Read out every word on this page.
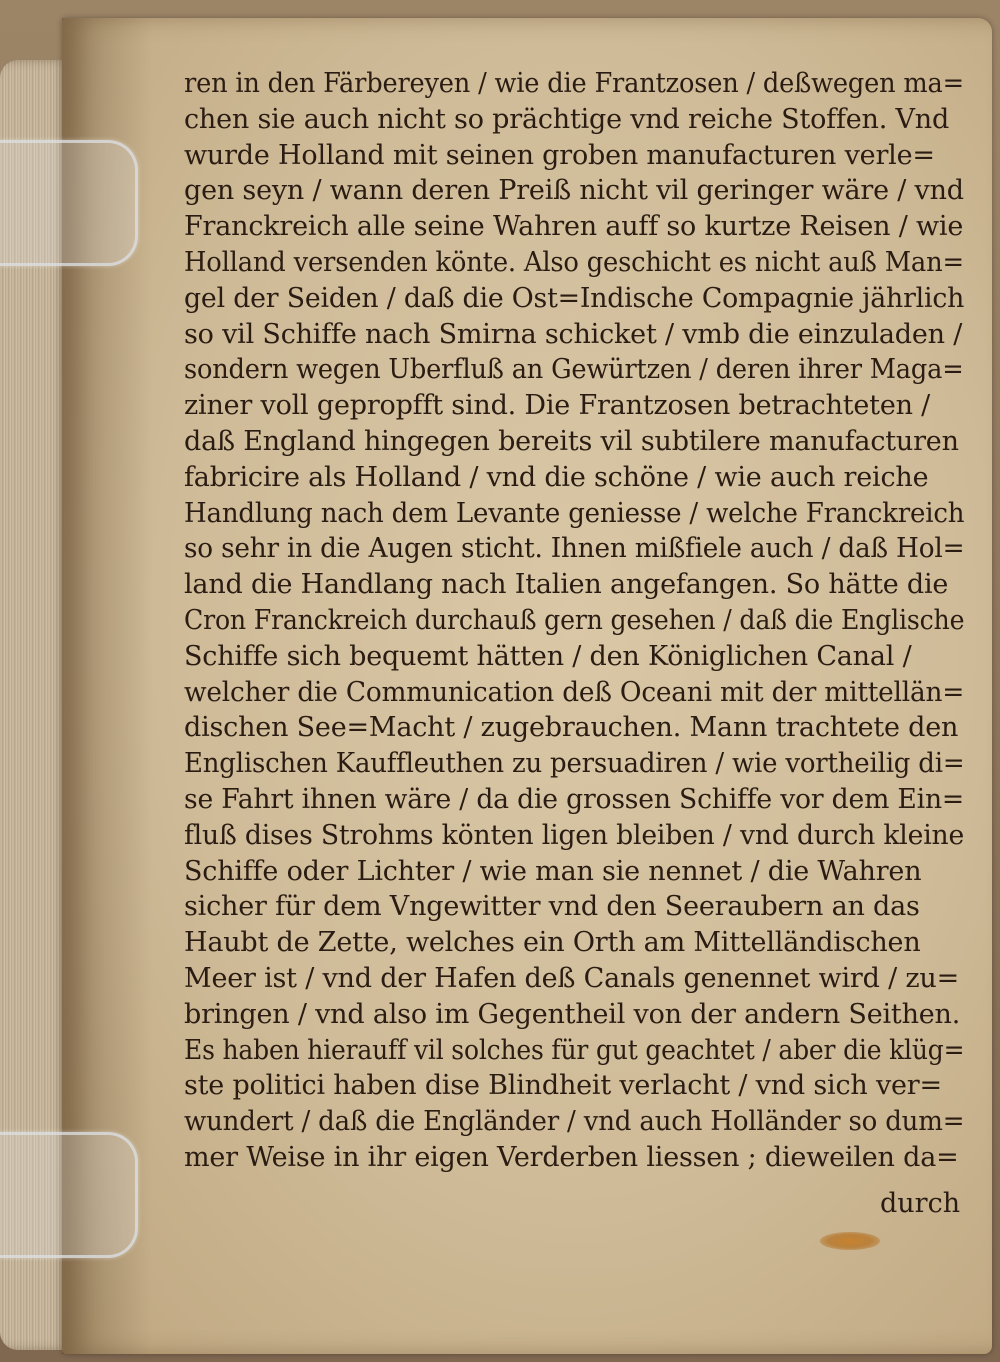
ren in den Färbereyen / wie die Frantzosen / deßwegen ma=
chen sie auch nicht so prächtige vnd reiche Stoffen. Vnd
wurde Holland mit seinen groben manufacturen verle=
gen seyn / wann deren Preiß nicht vil geringer wäre / vnd
Franckreich alle seine Wahren auff so kurtze Reisen / wie
Holland versenden könte. Also geschicht es nicht auß Man=
gel der Seiden / daß die Ost=Indische Compagnie jährlich
so vil Schiffe nach Smirna schicket / vmb die einzuladen /
sondern wegen Uberfluß an Gewürtzen / deren ihrer Maga=
ziner voll gepropfft sind. Die Frantzosen betrachteten /
daß England hingegen bereits vil subtilere manufacturen
fabricire als Holland / vnd die schöne / wie auch reiche
Handlung nach dem Levante geniesse / welche Franckreich
so sehr in die Augen sticht. Ihnen mißfiele auch / daß Hol=
land die Handlang nach Italien angefangen. So hätte die
Cron Franckreich durchauß gern gesehen / daß die Englische
Schiffe sich bequemt hätten / den Königlichen Canal /
welcher die Communication deß Oceani mit der mittellän=
dischen See=Macht / zugebrauchen. Mann trachtete den
Englischen Kauffleuthen zu persuadiren / wie vortheilig di=
se Fahrt ihnen wäre / da die grossen Schiffe vor dem Ein=
fluß dises Strohms könten ligen bleiben / vnd durch kleine
Schiffe oder Lichter / wie man sie nennet / die Wahren
sicher für dem Vngewitter vnd den Seeraubern an das
Haubt de Zette, welches ein Orth am Mittelländischen
Meer ist / vnd der Hafen deß Canals genennet wird / zu=
bringen / vnd also im Gegentheil von der andern Seithen.
Es haben hierauff vil solches für gut geachtet / aber die klüg=
ste politici haben dise Blindheit verlacht / vnd sich ver=
wundert / daß die Engländer / vnd auch Holländer so dum=
mer Weise in ihr eigen Verderben liessen ; dieweilen da=
durch
